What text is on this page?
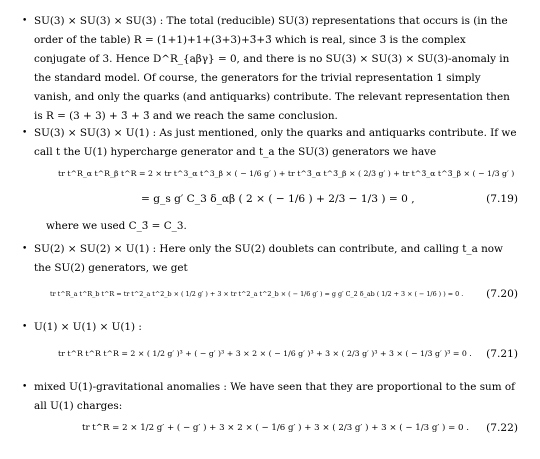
• SU(3) × SU(3) × SU(3) : The total (reducible) SU(3) representations that occurs is (in the order of the table) R = (1+1)+1+(3+3)+3̄+3̄ which is real, since 3̄ is the complex conjugate of 3. Hence D^R_{aβγ} = 0, and there is no SU(3) × SU(3) × SU(3)-anomaly in the standard model. Of course, the generators for the trivial representation 1 simply vanish, and only the quarks (and antiquarks) contribute. The relevant representation then is R = (3 + 3) + 3̄ + 3̄ and we reach the same conclusion.

• SU(3) × SU(3) × U(1) : As just mentioned, only the quarks and antiquarks contribute. If we call t the U(1) hypercharge generator and t_a the SU(3) generators we have

tr t^R_α t^R_β t^R = 2 × tr t^3_α t^3_β × ( − 1/6 g′ ) + tr t^3̄_α t^3̄_β × ( 2/3 g′ ) + tr t^3̄_α t^3̄_β × ( − 1/3 g′ )
= g_s g′ C_3 δ_αβ ( 2 × ( − 1/6 ) + 2/3 − 1/3 ) = 0 ,	(7.19)
where we used C_3̄ = C_3.
• SU(2) × SU(2) × U(1) : Here only the SU(2) doublets can contribute, and calling t_a now the SU(2) generators, we get

tr t^R_a t^R_b t^R = tr t^2_a t^2_b × ( 1/2 g′ ) + 3 × tr t^2_a t^2_b × ( − 1/6 g′ ) = g g′ C_2 δ_ab ( 1/2 + 3 × ( − 1/6 ) ) = 0 . (7.20)
• U(1) × U(1) × U(1) :

tr t^R t^R t^R = 2 × ( 1/2 g′ )³ + ( − g′ )³ + 3 × 2 × ( − 1/6 g′ )³ + 3 × ( 2/3 g′ )³ + 3 × ( − 1/3 g′ )³ = 0 . (7.21)
• mixed U(1)-gravitational anomalies : We have seen that they are proportional to the sum of all U(1) charges:

tr t^R = 2 × 1/2 g′ + ( − g′ ) + 3 × 2 × ( − 1/6 g′ ) + 3 × ( 2/3 g′ ) + 3 × ( − 1/3 g′ ) = 0 . (7.22)
